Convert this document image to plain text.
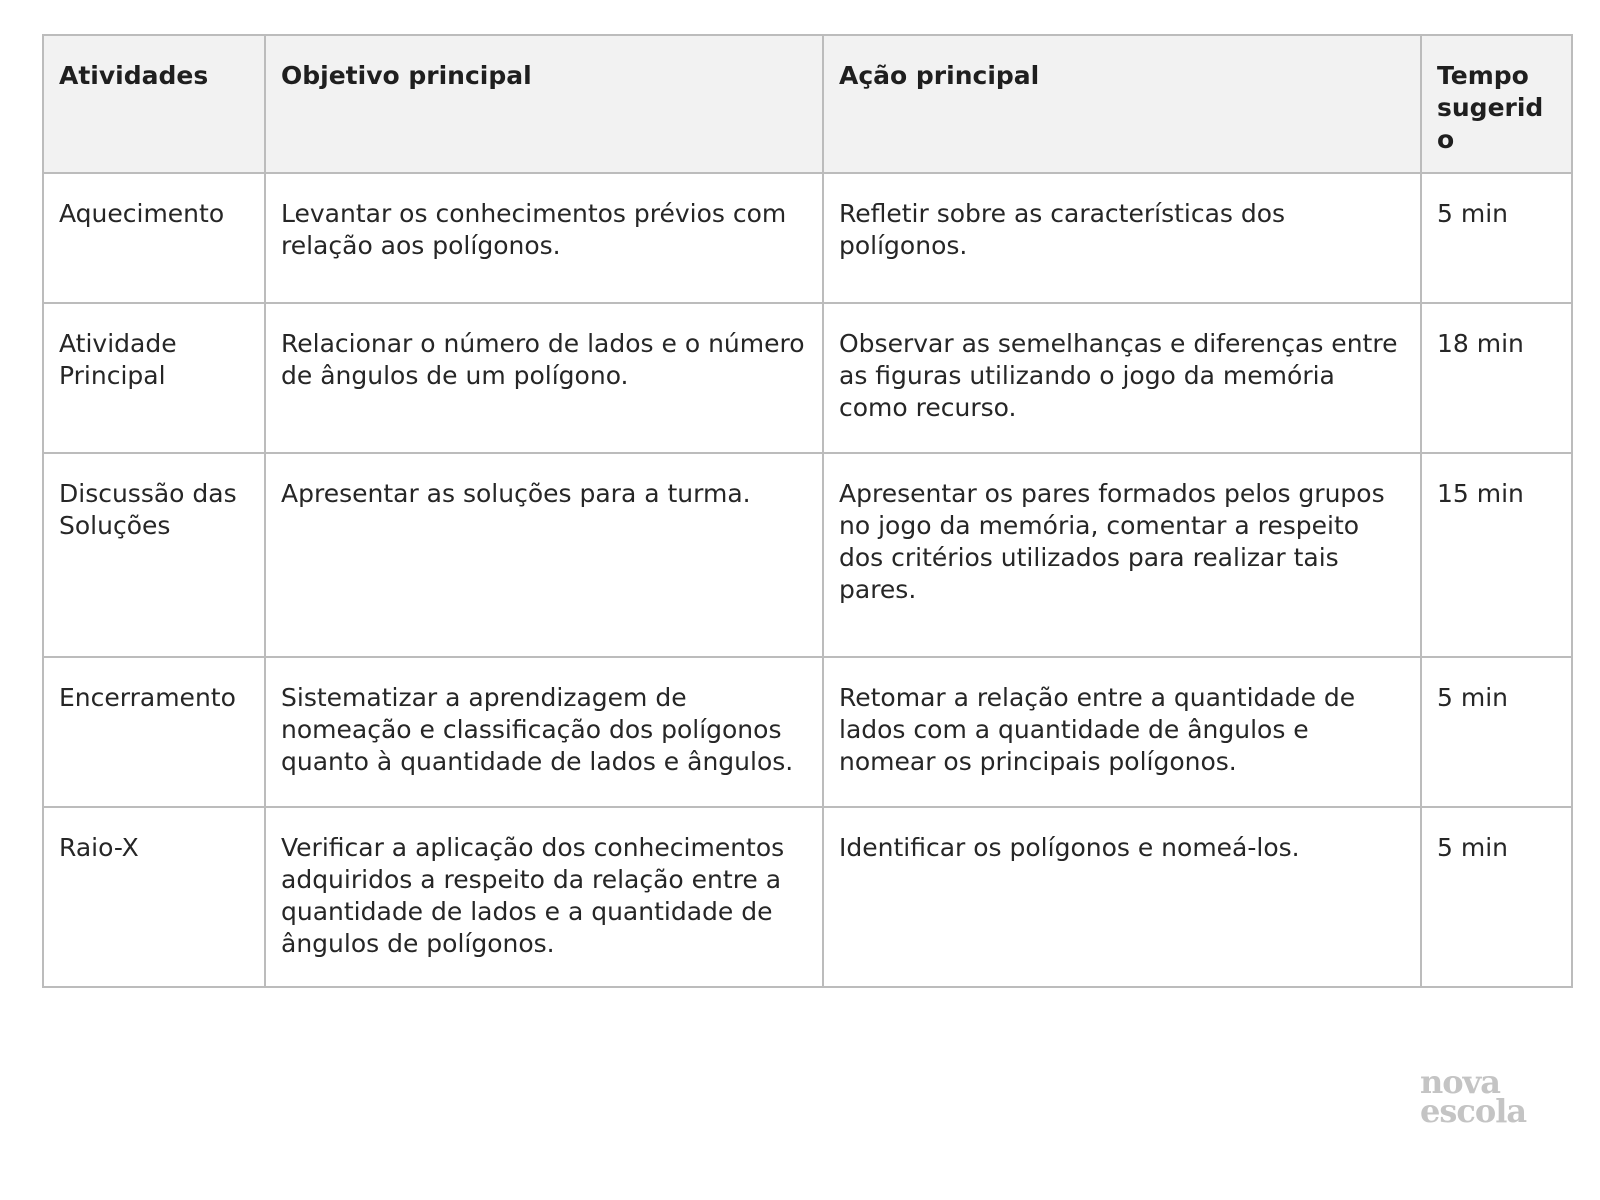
Atividades	Objetivo principal	Ação principal	Tempo sugerido
Aquecimento	Levantar os conhecimentos prévios com relação aos polígonos.	Refletir sobre as características dos polígonos.	5 min
Atividade Principal	Relacionar o número de lados e o número de ângulos de um polígono.	Observar as semelhanças e diferenças entre as figuras utilizando o jogo da memória como recurso.	18 min
Discussão das Soluções	Apresentar as soluções para a turma.	Apresentar os pares formados pelos grupos no jogo da memória, comentar a respeito dos critérios utilizados para realizar tais pares.	15 min
Encerramento	Sistematizar a aprendizagem de nomeação e classificação dos polígonos quanto à quantidade de lados e ângulos.	Retomar a relação entre a quantidade de lados com a quantidade de ângulos e nomear os principais polígonos.	5 min
Raio-X	Verificar a aplicação dos conhecimentos adquiridos a respeito da relação entre a quantidade de lados e a quantidade de ângulos de polígonos.	Identificar os polígonos e nomeá-los.	5 min
nova
escola
